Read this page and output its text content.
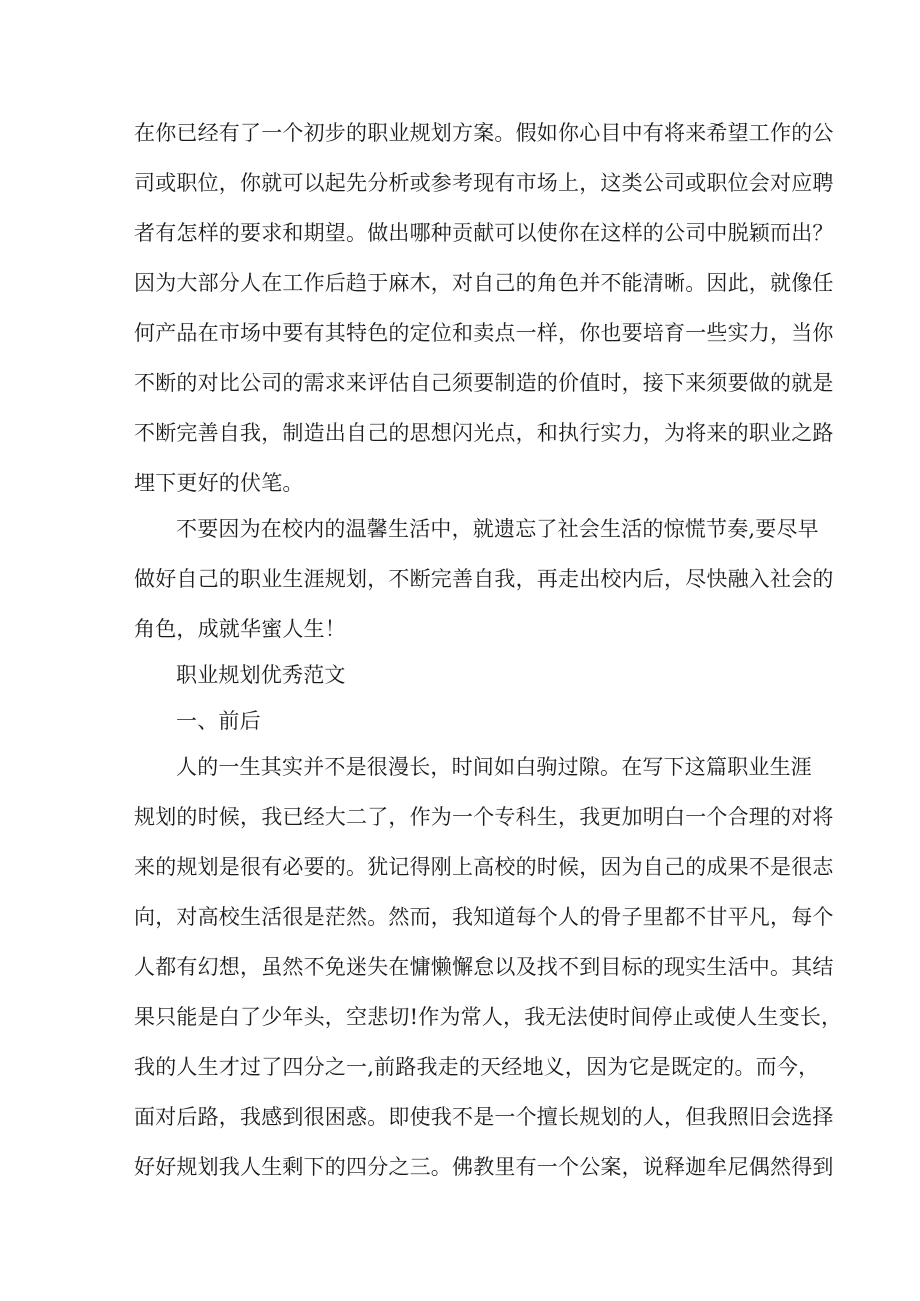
在你已经有了一个初步的职业规划方案。假如你心目中有将来希望工作的公
司或职位，你就可以起先分析或参考现有市场上，这类公司或职位会对应聘
者有怎样的要求和期望。做出哪种贡献可以使你在这样的公司中脱颖而出？
因为大部分人在工作后趋于麻木，对自己的角色并不能清晰。因此，就像任
何产品在市场中要有其特色的定位和卖点一样，你也要培育一些实力，当你
不断的对比公司的需求来评估自己须要制造的价值时，接下来须要做的就是
不断完善自我，制造出自己的思想闪光点，和执行实力，为将来的职业之路
埋下更好的伏笔。
不要因为在校内的温馨生活中，就遗忘了社会生活的惊慌节奏,要尽早
做好自己的职业生涯规划，不断完善自我，再走出校内后，尽快融入社会的
角色，成就华蜜人生！
职业规划优秀范文
一、前后
人的一生其实并不是很漫长，时间如白驹过隙。在写下这篇职业生涯
规划的时候，我已经大二了，作为一个专科生，我更加明白一个合理的对将
来的规划是很有必要的。犹记得刚上高校的时候，因为自己的成果不是很志
向，对高校生活很是茫然。然而，我知道每个人的骨子里都不甘平凡，每个
人都有幻想，虽然不免迷失在慵懒懈怠以及找不到目标的现实生活中。其结
果只能是白了少年头，空悲切!作为常人，我无法使时间停止或使人生变长，
我的人生才过了四分之一,前路我走的天经地义，因为它是既定的。而今，
面对后路，我感到很困惑。即使我不是一个擅长规划的人，但我照旧会选择
好好规划我人生剩下的四分之三。佛教里有一个公案，说释迦牟尼偶然得到
